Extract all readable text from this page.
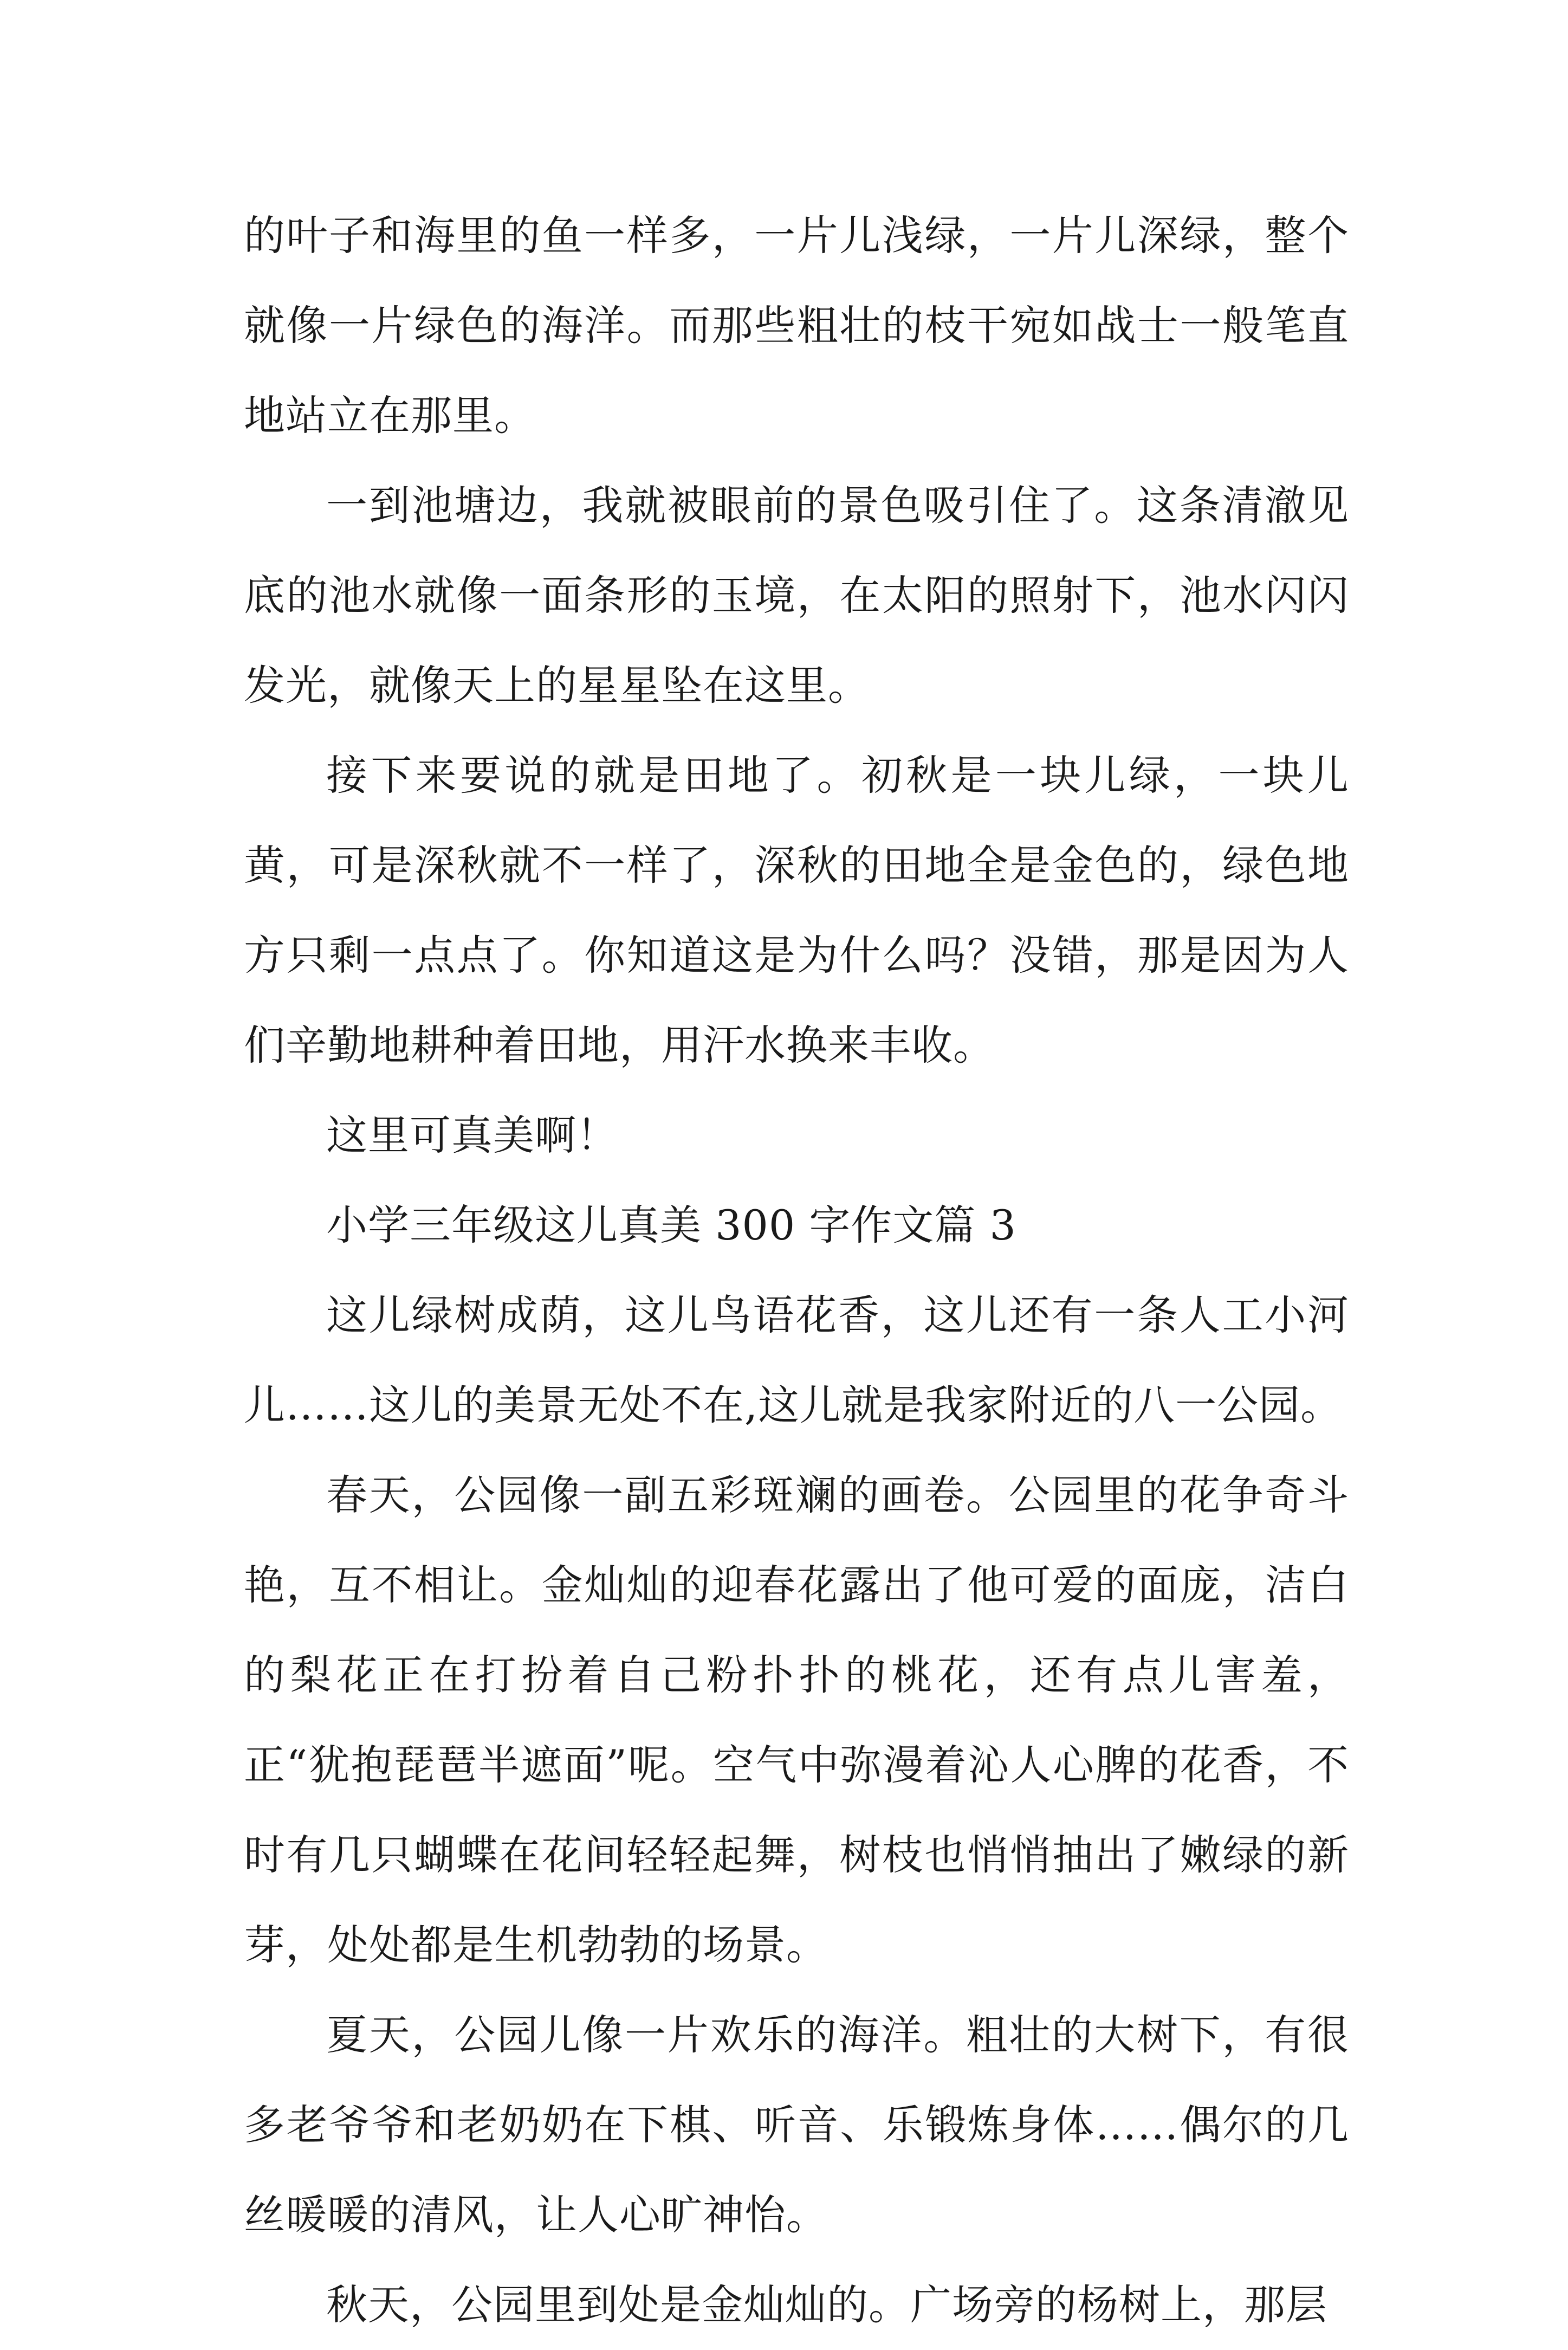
的叶子和海里的鱼一样多，一片儿浅绿，一片儿深绿，整个就像一片绿色的海洋。而那些粗壮的枝干宛如战士一般笔直地站立在那里。

一到池塘边，我就被眼前的景色吸引住了。这条清澈见底的池水就像一面条形的玉境，在太阳的照射下，池水闪闪发光，就像天上的星星坠在这里。

接下来要说的就是田地了。初秋是一块儿绿，一块儿黄，可是深秋就不一样了，深秋的田地全是金色的，绿色地方只剩一点点了。你知道这是为什么吗？没错，那是因为人们辛勤地耕种着田地，用汗水换来丰收。

这里可真美啊！

小学三年级这儿真美 300 字作文篇 3

这儿绿树成荫，这儿鸟语花香，这儿还有一条人工小河儿……这儿的美景无处不在,这儿就是我家附近的八一公园。

春天，公园像一副五彩斑斓的画卷。公园里的花争奇斗艳，互不相让。金灿灿的迎春花露出了他可爱的面庞，洁白的梨花正在打扮着自己粉扑扑的桃花，还有点儿害羞，正“犹抱琵琶半遮面”呢。空气中弥漫着沁人心脾的花香，不时有几只蝴蝶在花间轻轻起舞，树枝也悄悄抽出了嫩绿的新芽，处处都是生机勃勃的场景。

夏天，公园儿像一片欢乐的海洋。粗壮的大树下，有很多老爷爷和老奶奶在下棋、听音、乐锻炼身体……偶尔的几丝暖暖的清风，让人心旷神怡。

秋天，公园里到处是金灿灿的。广场旁的杨树上，那层
